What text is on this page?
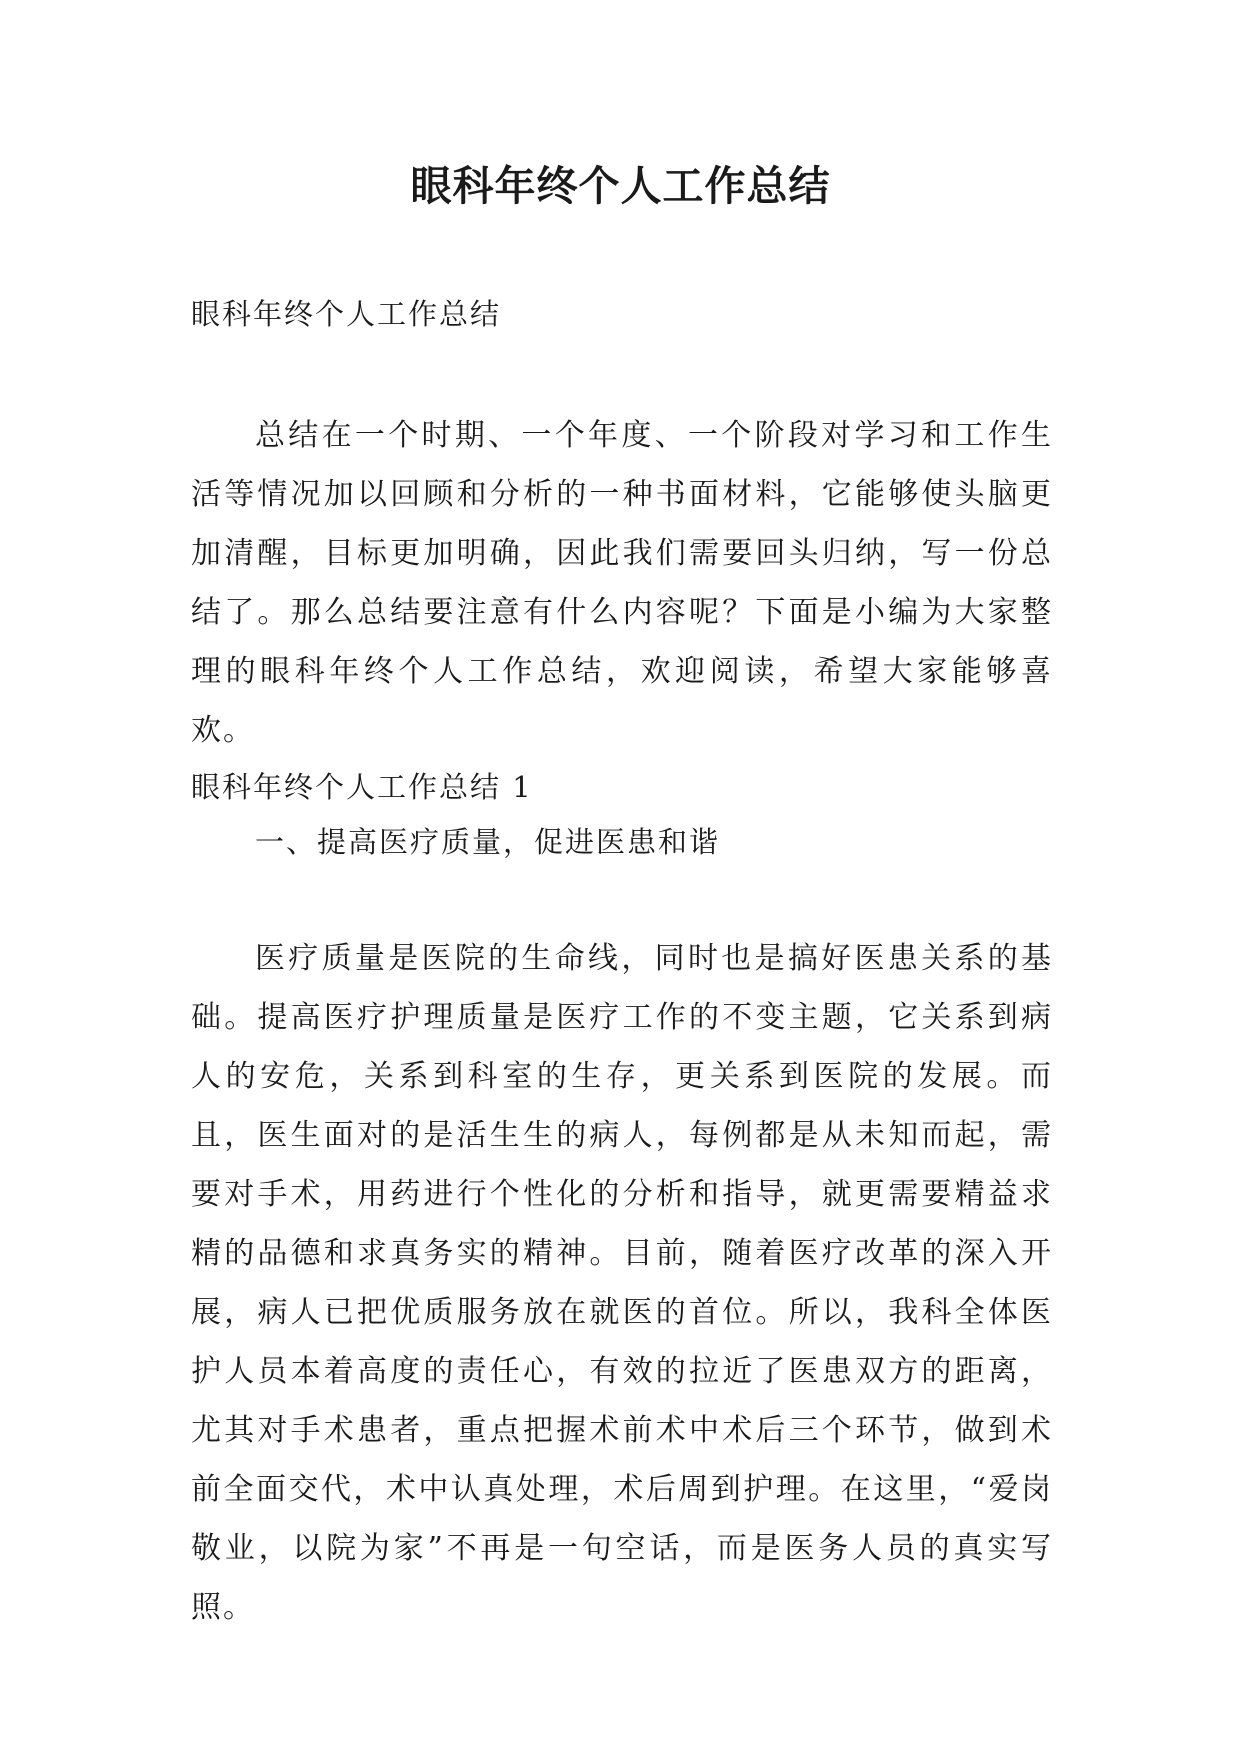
眼科年终个人工作总结
眼科年终个人工作总结

总结在一个时期、一个年度、一个阶段对学习和工作生活等情况加以回顾和分析的一种书面材料，它能够使头脑更加清醒，目标更加明确，因此我们需要回头归纳，写一份总结了。那么总结要注意有什么内容呢？下面是小编为大家整理的眼科年终个人工作总结，欢迎阅读，希望大家能够喜欢。

眼科年终个人工作总结 1
一、提高医疗质量，促进医患和谐

医疗质量是医院的生命线，同时也是搞好医患关系的基础。提高医疗护理质量是医疗工作的不变主题，它关系到病人的安危，关系到科室的生存，更关系到医院的发展。而且，医生面对的是活生生的病人，每例都是从未知而起，需要对手术，用药进行个性化的分析和指导，就更需要精益求精的品德和求真务实的精神。目前，随着医疗改革的深入开展，病人已把优质服务放在就医的首位。所以，我科全体医护人员本着高度的责任心，有效的拉近了医患双方的距离，尤其对手术患者，重点把握术前术中术后三个环节，做到术前全面交代，术中认真处理，术后周到护理。在这里，“爱岗敬业，以院为家”不再是一句空话，而是医务人员的真实写照。
